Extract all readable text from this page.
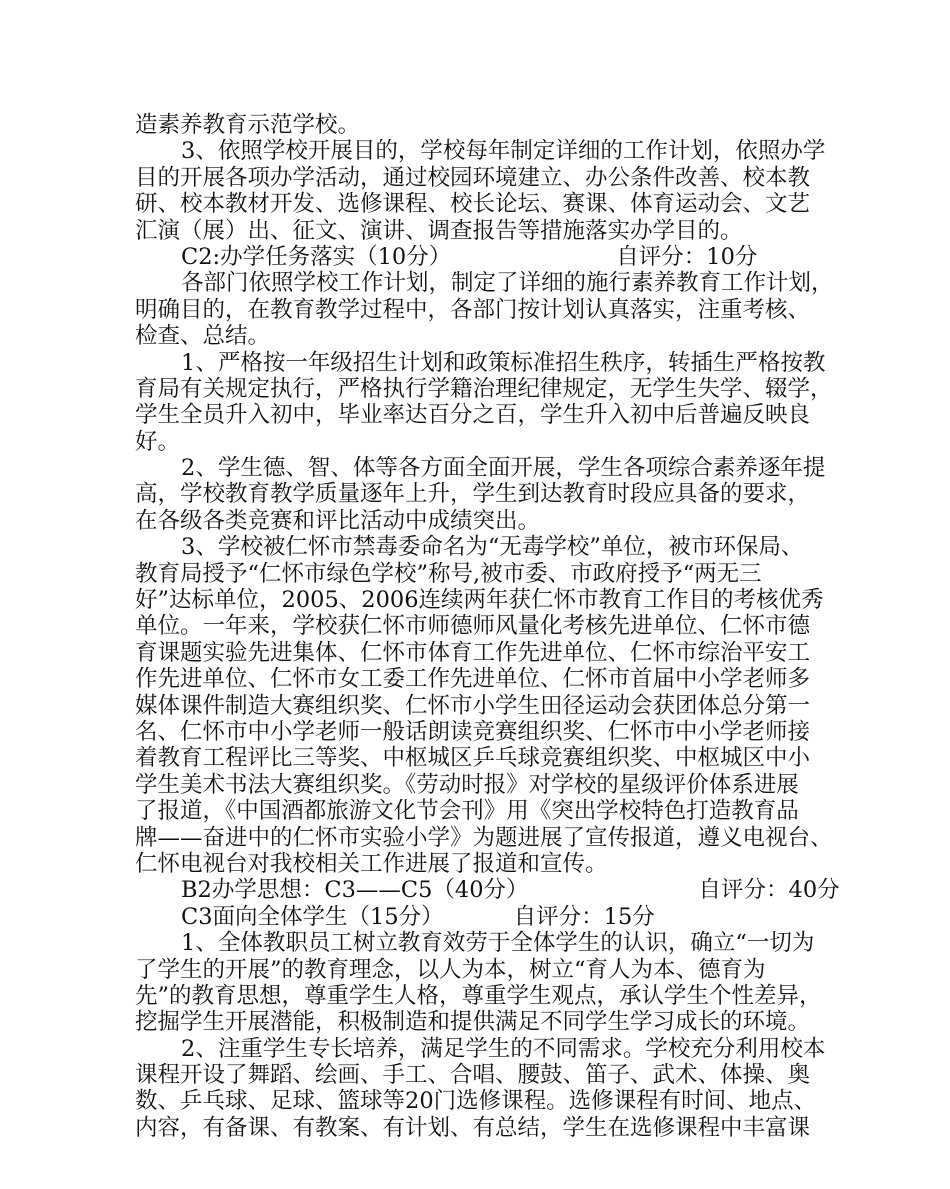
造素养教育示范学校。
3、依照学校开展目的，学校每年制定详细的工作计划，依照办学
目的开展各项办学活动，通过校园环境建立、办公条件改善、校本教
研、校本教材开发、选修课程、校长论坛、赛课、体育运动会、文艺
汇演（展）出、征文、演讲、调查报告等措施落实办学目的。
C2:办学任务落实（10分）	自评分：10分
各部门依照学校工作计划，制定了详细的施行素养教育工作计划，
明确目的，在教育教学过程中，各部门按计划认真落实，注重考核、
检查、总结。
1、严格按一年级招生计划和政策标准招生秩序，转插生严格按教
育局有关规定执行，严格执行学籍治理纪律规定，无学生失学、辍学，
学生全员升入初中，毕业率达百分之百，学生升入初中后普遍反映良
好。
2、学生德、智、体等各方面全面开展，学生各项综合素养逐年提
高，学校教育教学质量逐年上升，学生到达教育时段应具备的要求，
在各级各类竞赛和评比活动中成绩突出。
3、学校被仁怀市禁毒委命名为“无毒学校”单位，被市环保局、
教育局授予“仁怀市绿色学校”称号,被市委、市政府授予“两无三
好”达标单位，2005、2006连续两年获仁怀市教育工作目的考核优秀
单位。一年来，学校获仁怀市师德师风量化考核先进单位、仁怀市德
育课题实验先进集体、仁怀市体育工作先进单位、仁怀市综治平安工
作先进单位、仁怀市女工委工作先进单位、仁怀市首届中小学老师多
媒体课件制造大赛组织奖、仁怀市小学生田径运动会获团体总分第一
名、仁怀市中小学老师一般话朗读竞赛组织奖、仁怀市中小学老师接
着教育工程评比三等奖、中枢城区乒乓球竞赛组织奖、中枢城区中小
学生美术书法大赛组织奖。《劳动时报》对学校的星级评价体系进展
了报道，《中国酒都旅游文化节会刊》用《突出学校特色打造教育品
牌——奋进中的仁怀市实验小学》为题进展了宣传报道，遵义电视台、
仁怀电视台对我校相关工作进展了报道和宣传。
B2办学思想：C3——C5（40分）	自评分：40分
C3面向全体学生（15分）	自评分：15分
1、全体教职员工树立教育效劳于全体学生的认识，确立“一切为
了学生的开展”的教育理念，以人为本，树立“育人为本、德育为
先”的教育思想，尊重学生人格，尊重学生观点，承认学生个性差异，
挖掘学生开展潜能，积极制造和提供满足不同学生学习成长的环境。
2、注重学生专长培养，满足学生的不同需求。学校充分利用校本
课程开设了舞蹈、绘画、手工、合唱、腰鼓、笛子、武术、体操、奥
数、乒乓球、足球、篮球等20门选修课程。选修课程有时间、地点、
内容，有备课、有教案、有计划、有总结，学生在选修课程中丰富课
